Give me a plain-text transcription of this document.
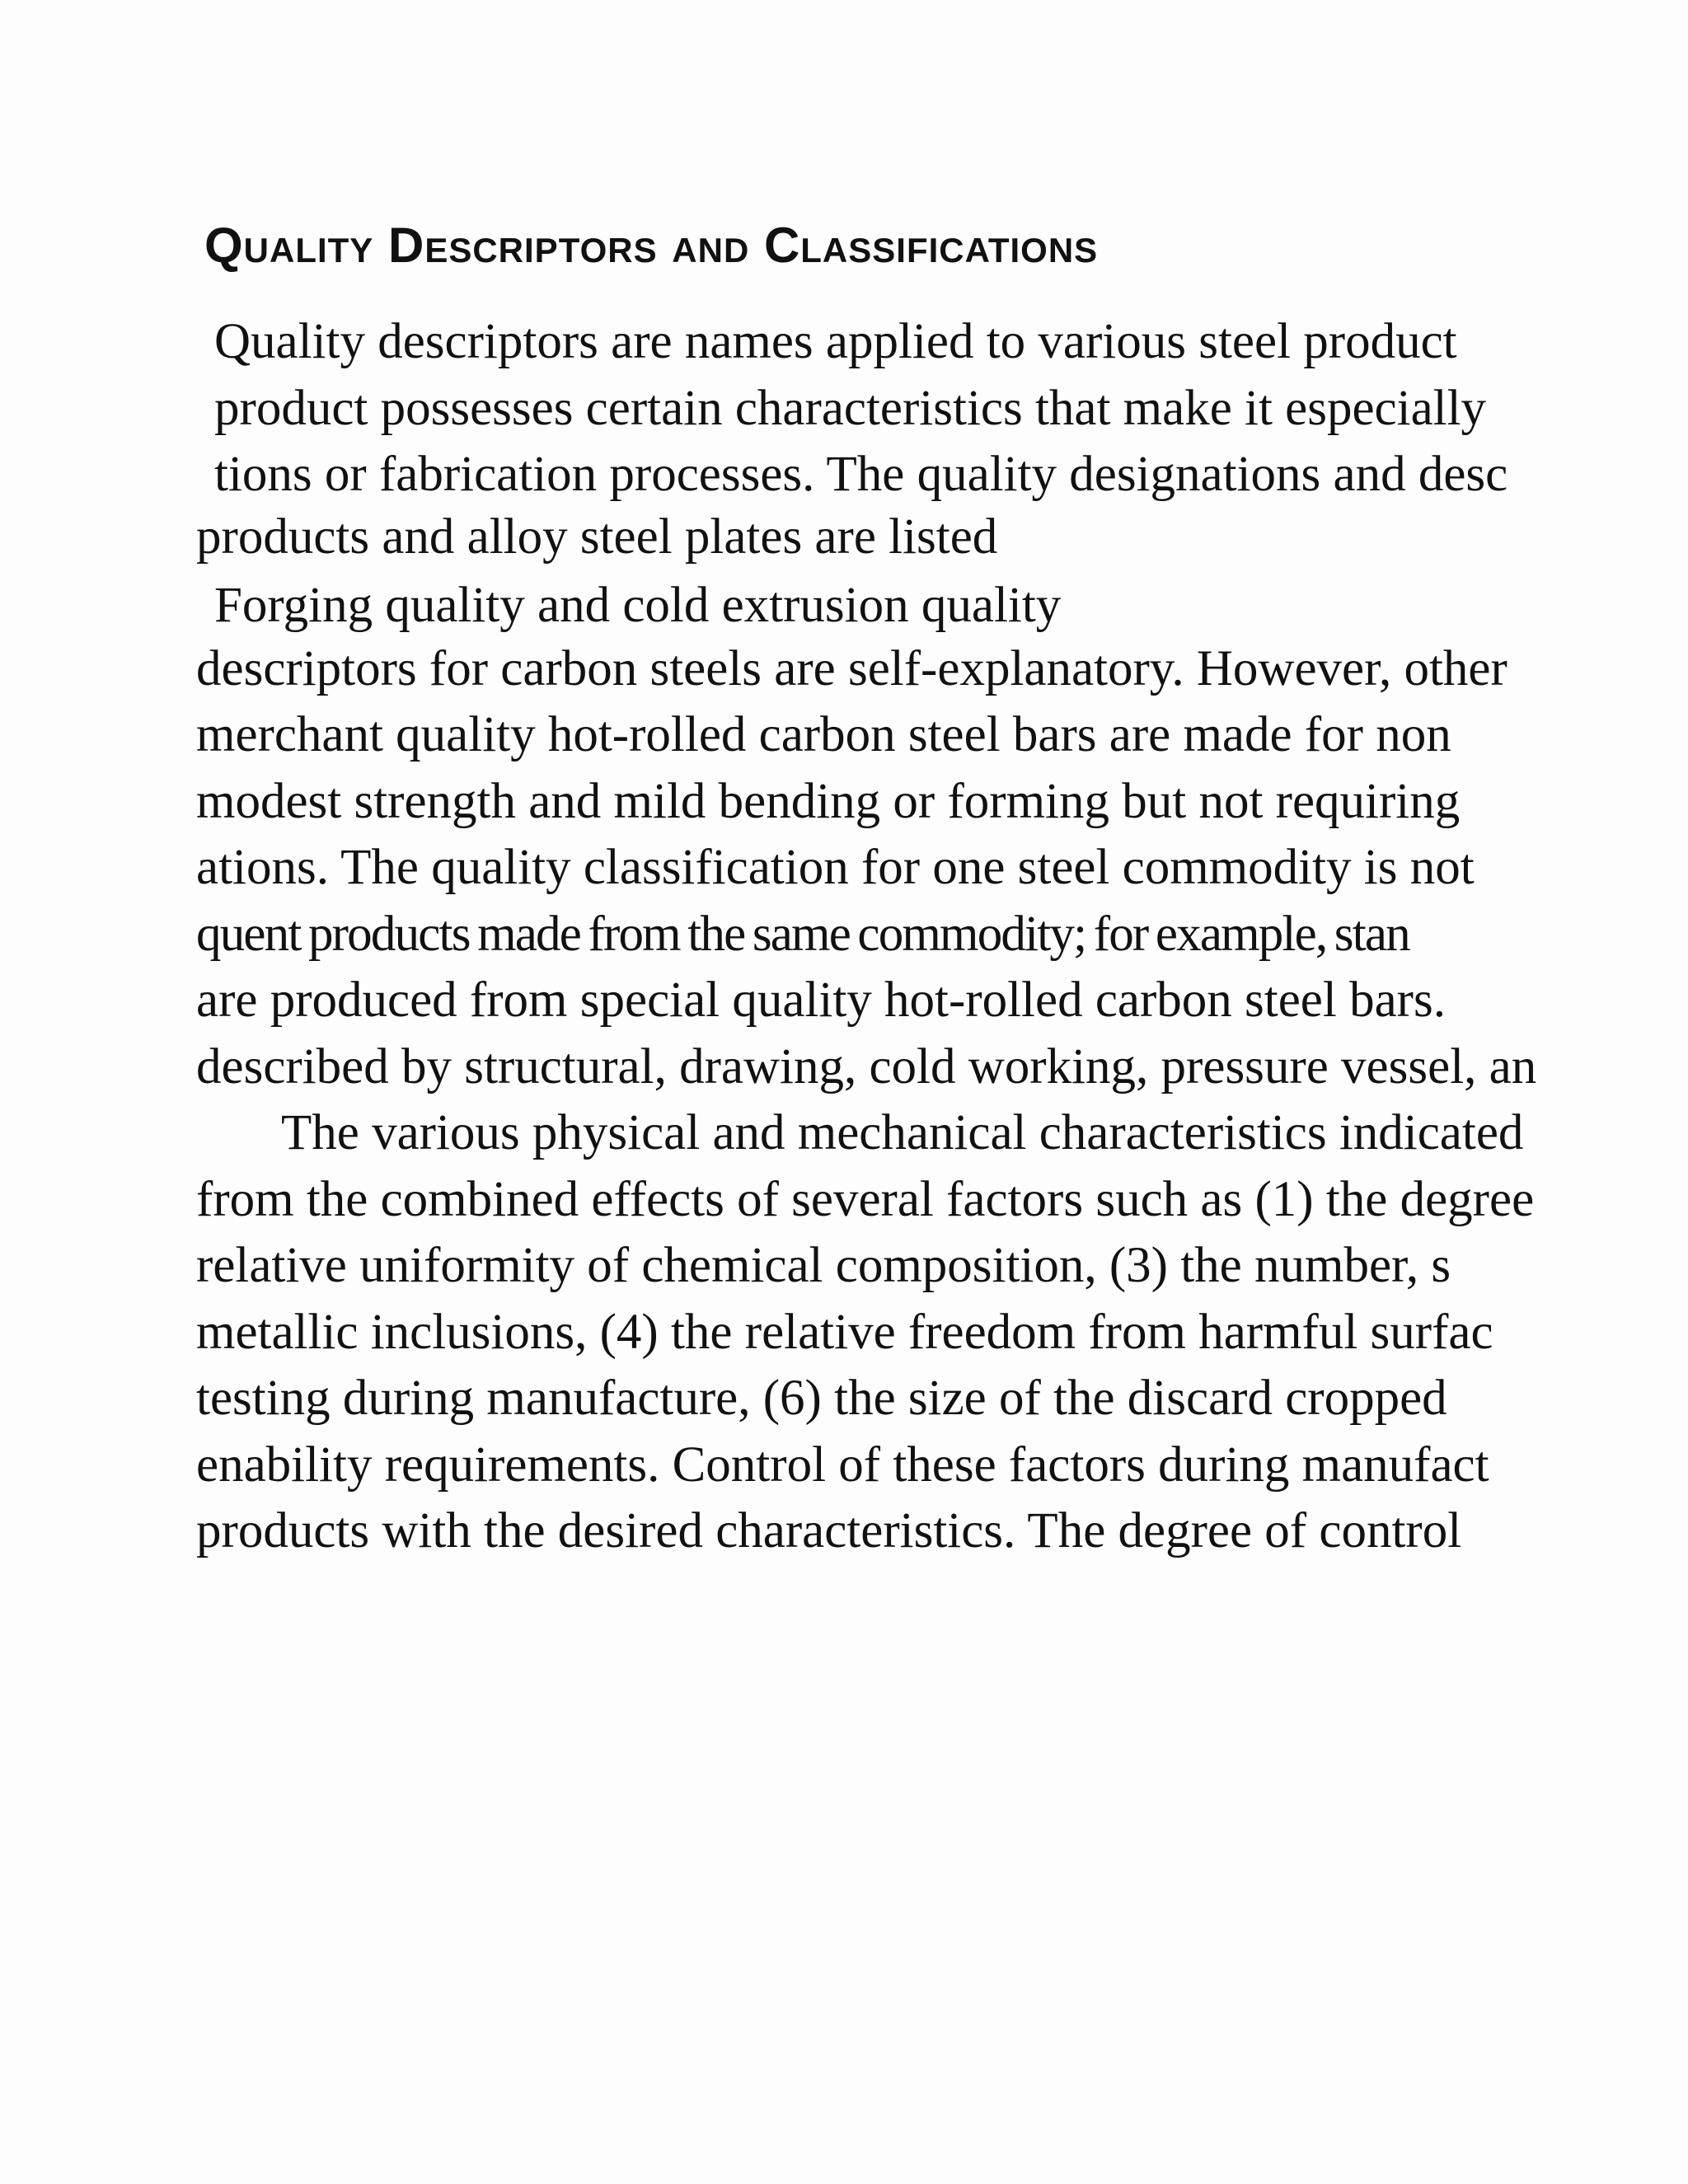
Quality Descriptors and Classifications
Quality descriptors are names applied to various steel product
product possesses certain characteristics that make it especially
tions or fabrication processes. The quality designations and desc
products and alloy steel plates are listed
Forging quality and cold extrusion quality
descriptors for carbon steels are self-explanatory. However, other
merchant quality hot-rolled carbon steel bars are made for non
modest strength and mild bending or forming but not requiring
ations. The quality classification for one steel commodity is not
quent products made from the same commodity; for example, stan
are produced from special quality hot-rolled carbon steel bars.
described by structural, drawing, cold working, pressure vessel, an
The various physical and mechanical characteristics indicated
from the combined effects of several factors such as (1) the degree
relative uniformity of chemical composition, (3) the number, s
metallic inclusions, (4) the relative freedom from harmful surfac
testing during manufacture, (6) the size of the discard cropped
enability requirements. Control of these factors during manufact
products with the desired characteristics. The degree of control
